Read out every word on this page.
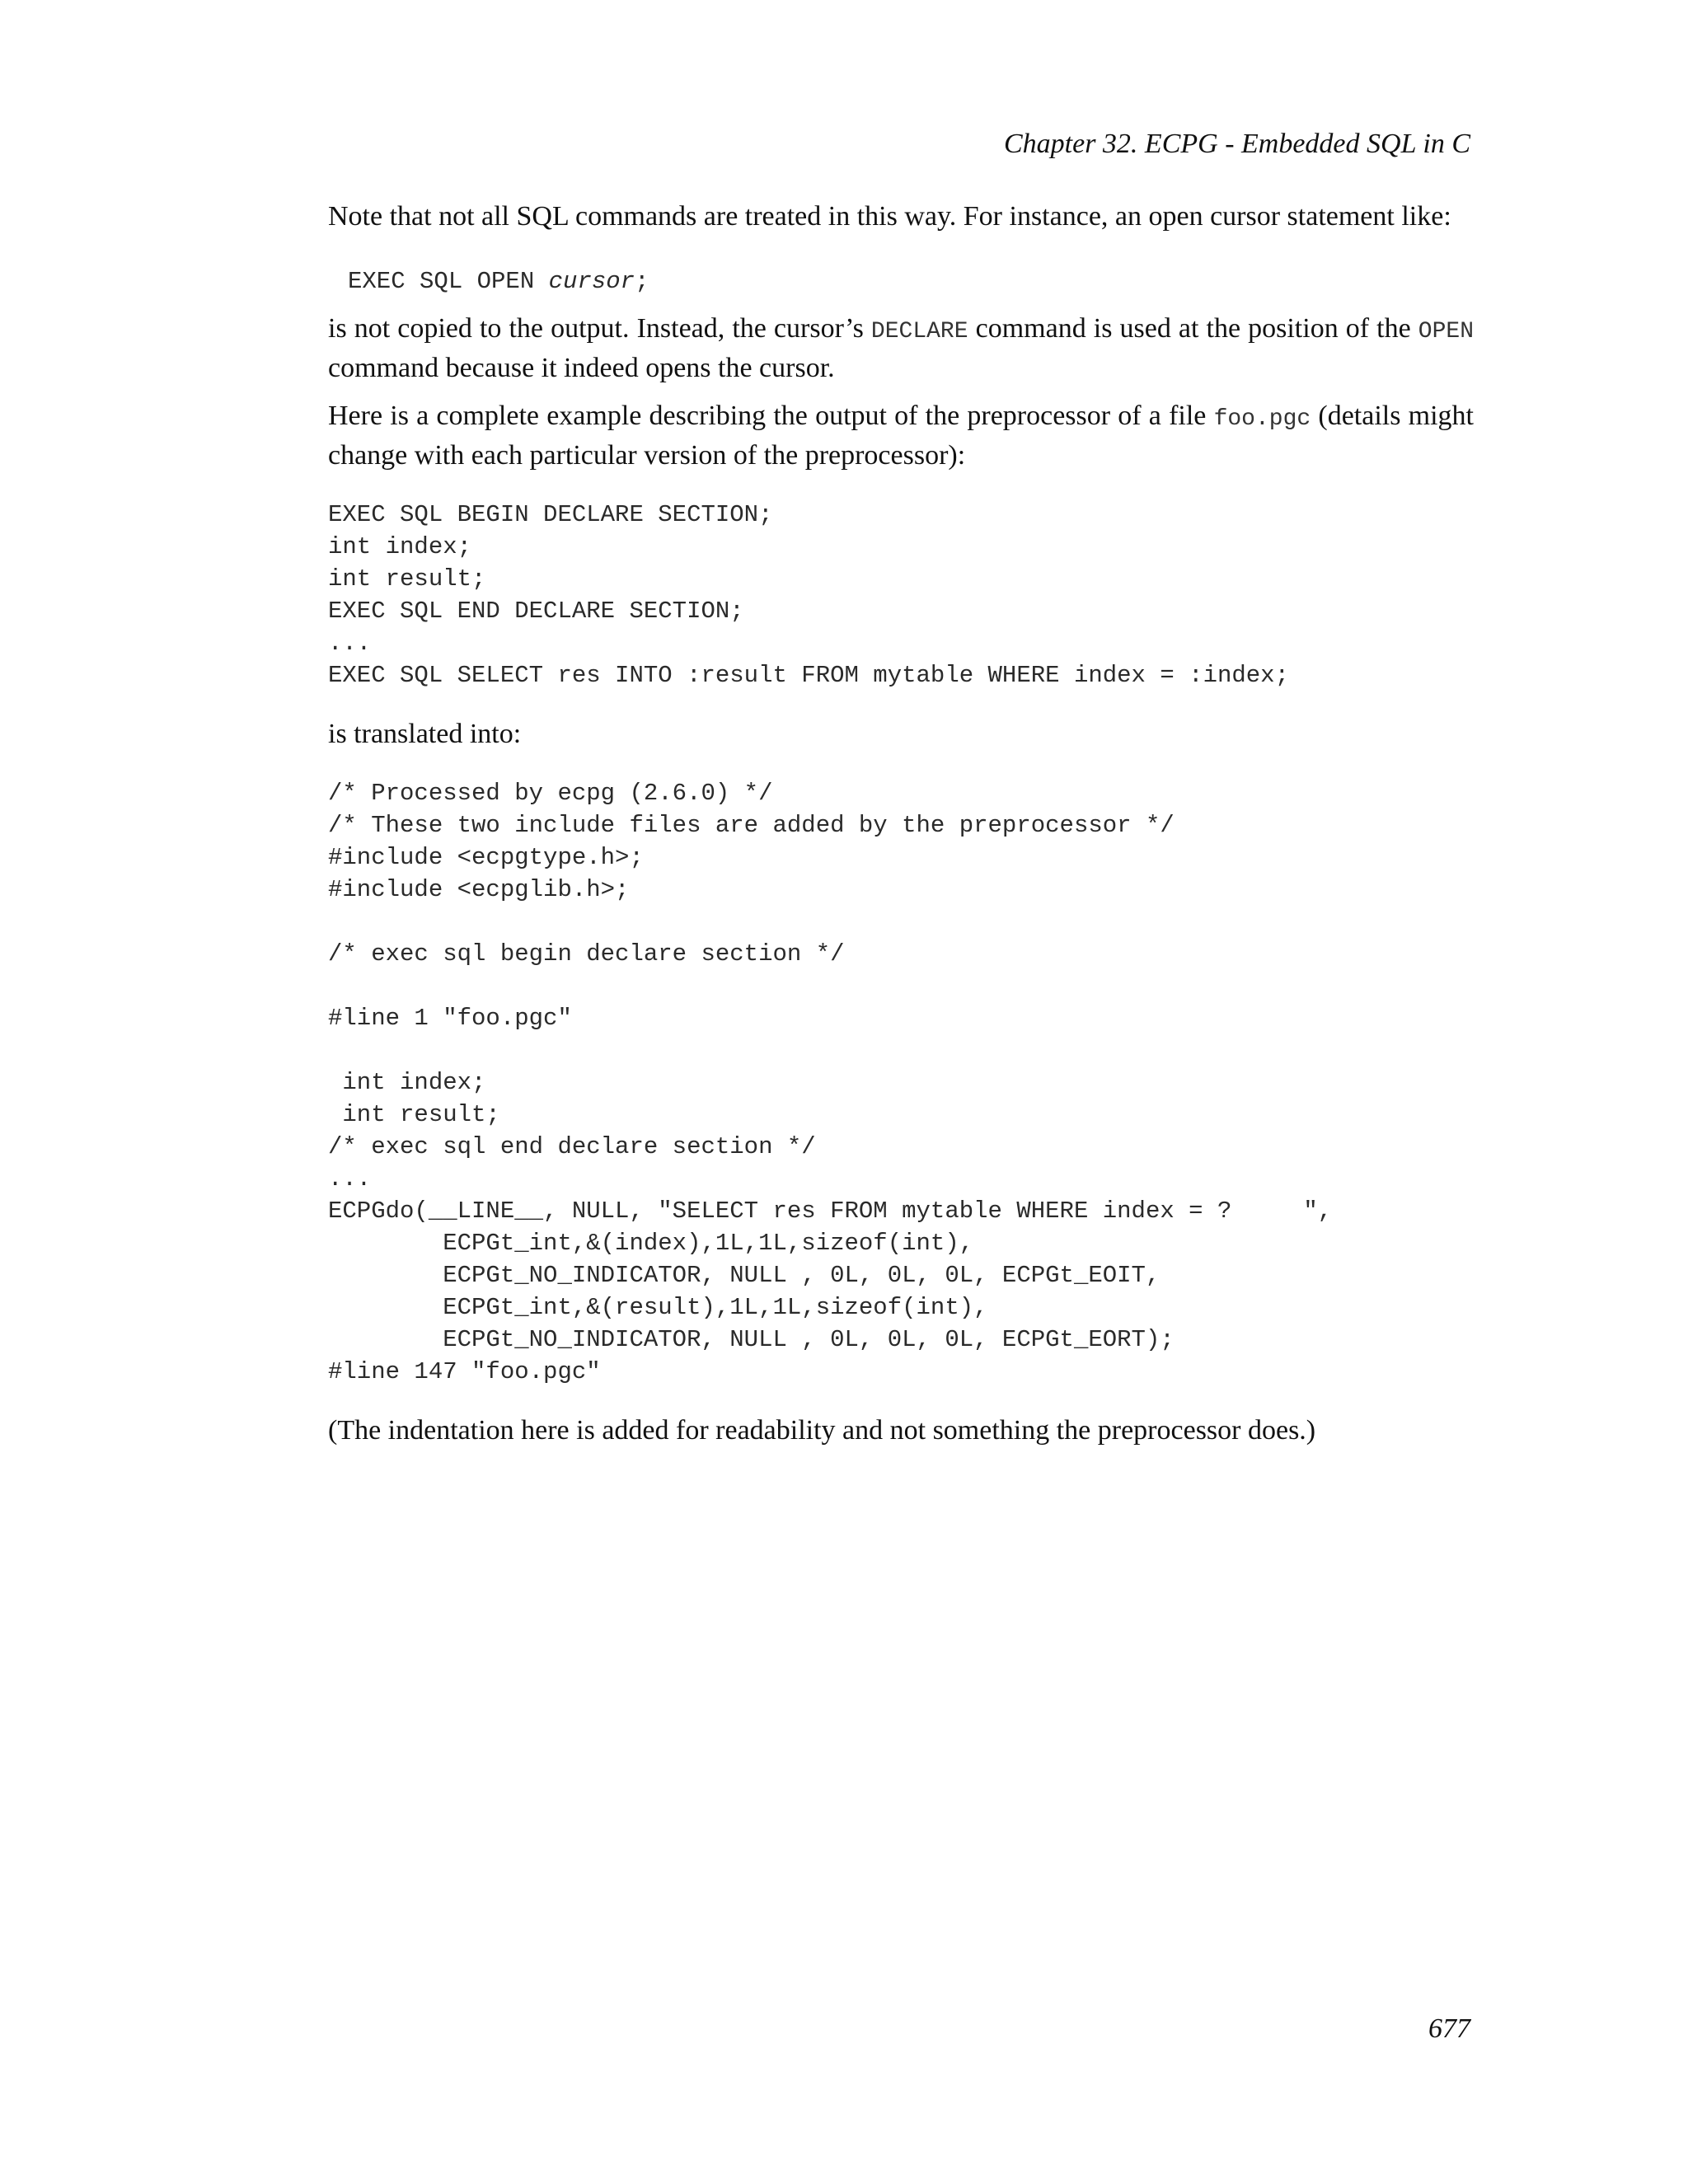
Chapter 32. ECPG - Embedded SQL in C

Note that not all SQL commands are treated in this way. For instance, an open cursor statement like:

EXEC SQL OPEN cursor;

is not copied to the output. Instead, the cursor’s DECLARE command is used at the position of the OPEN command because it indeed opens the cursor.

Here is a complete example describing the output of the preprocessor of a file foo.pgc (details might change with each particular version of the preprocessor):

EXEC SQL BEGIN DECLARE SECTION;
int index;
int result;
EXEC SQL END DECLARE SECTION;
...
EXEC SQL SELECT res INTO :result FROM mytable WHERE index = :index;

is translated into:

/* Processed by ecpg (2.6.0) */
/* These two include files are added by the preprocessor */
#include <ecpgtype.h>;
#include <ecpglib.h>;

/* exec sql begin declare section */

#line 1 "foo.pgc"

int index;
int result;
/* exec sql end declare section */
...
ECPGdo(__LINE__, NULL, "SELECT res FROM mytable WHERE index = ?     ",
ECPGt_int,&(index),1L,1L,sizeof(int),
ECPGt_NO_INDICATOR, NULL , 0L, 0L, 0L, ECPGt_EOIT,
ECPGt_int,&(result),1L,1L,sizeof(int),
ECPGt_NO_INDICATOR, NULL , 0L, 0L, 0L, ECPGt_EORT);
#line 147 "foo.pgc"

(The indentation here is added for readability and not something the preprocessor does.)

677
